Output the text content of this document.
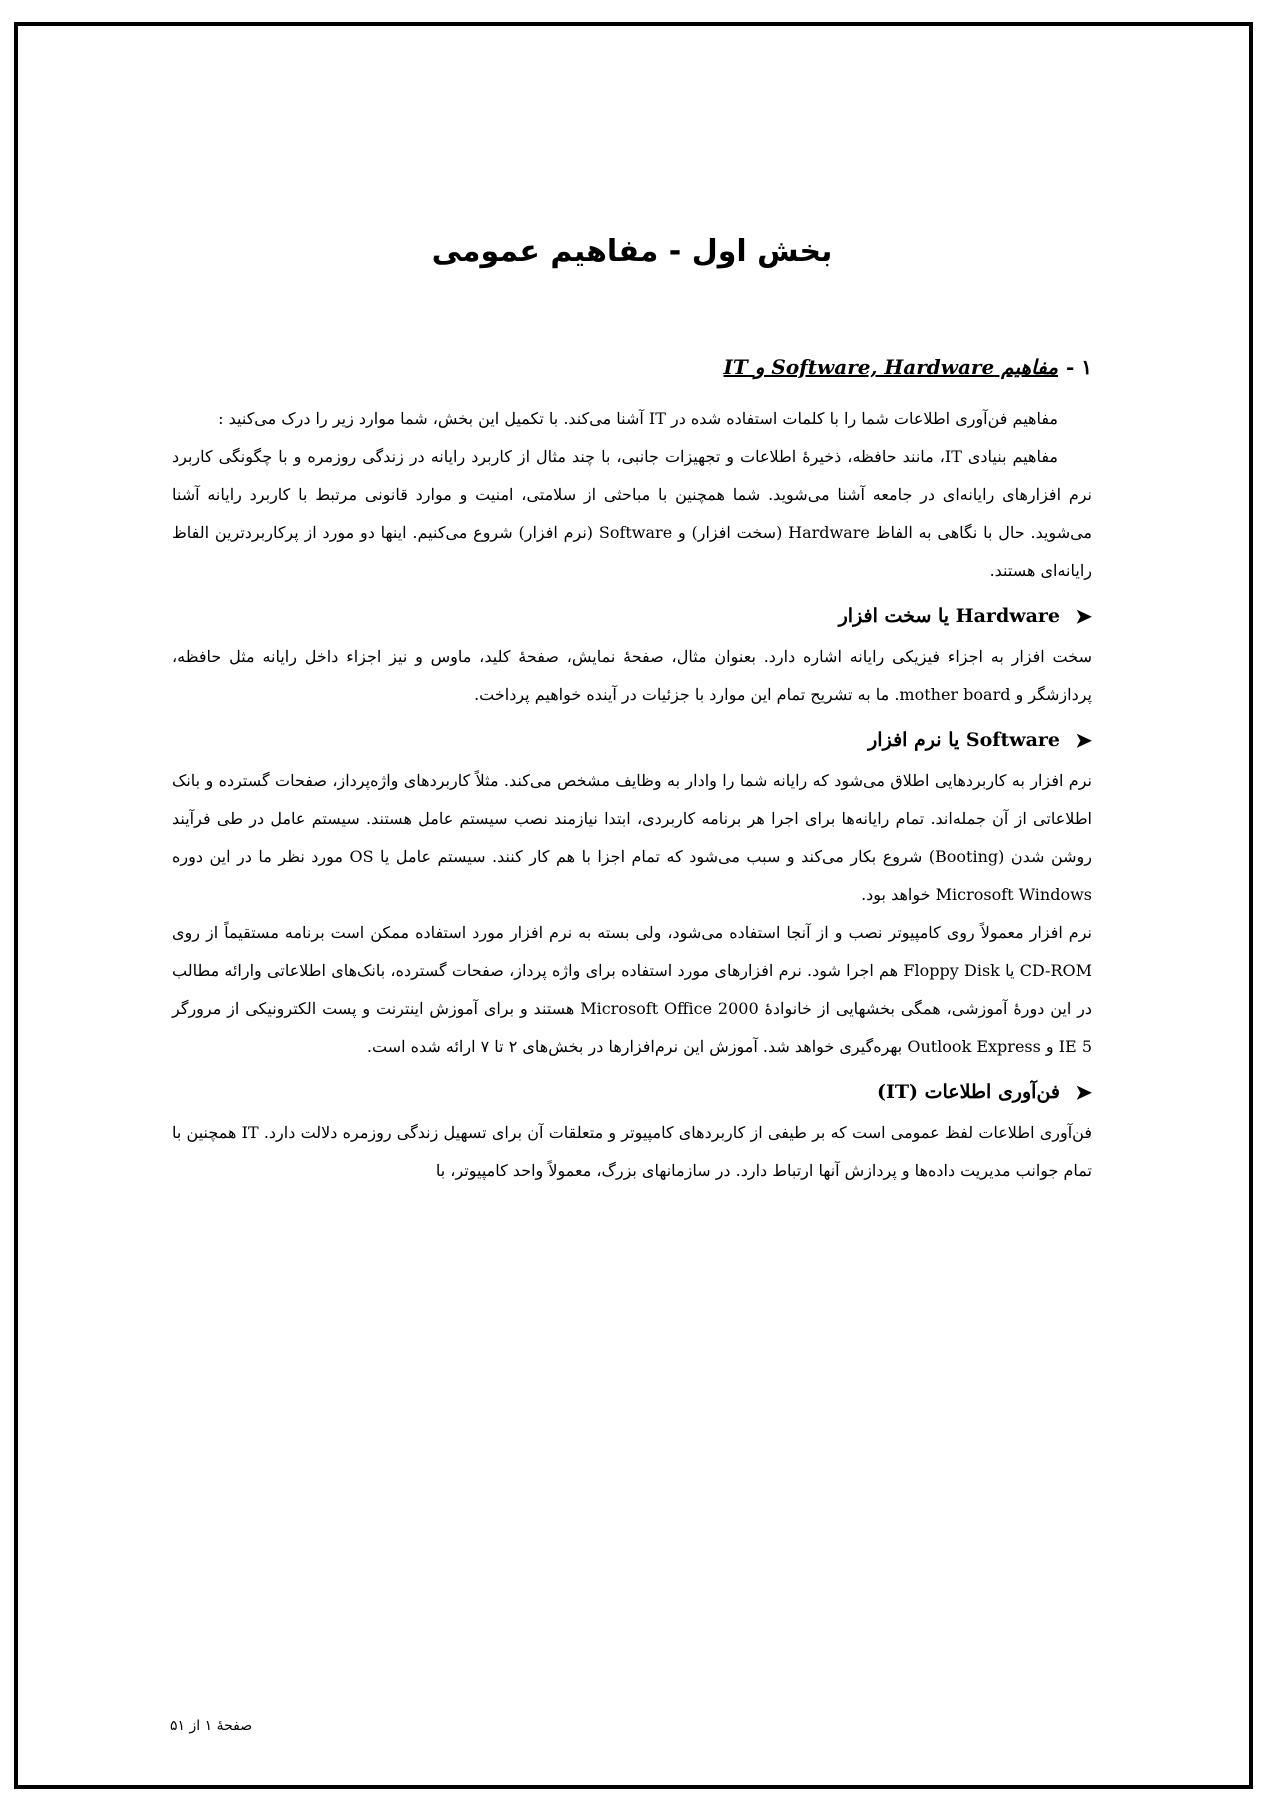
بخش اول - مفاهیم عمومی
۱ -مفاهیم Software, Hardware و IT

مفاهیم فن‌آوری اطلاعات شما را با کلمات استفاده شده در IT آشنا می‌کند. با تکمیل این بخش، شما موارد زیر را درک می‌کنید :

مفاهیم بنیادی IT، مانند حافظه، ذخیرهٔ اطلاعات و تجهیزات جانبی، با چند مثال از کاربرد رایانه در زندگی روزمره و با چگونگی کاربرد نرم افزارهای رایانه‌ای در جامعه آشنا می‌شوید. شما همچنین با مباحثی از سلامتی، امنیت و موارد قانونی مرتبط با کاربرد رایانه آشنا می‌شوید. حال با نگاهی به الفاظ Hardware (سخت افزار) و Software (نرم افزار) شروع می‌کنیم. اینها دو مورد از پرکاربردترین الفاظ رایانه‌ای هستند.

➤
Hardware یا سخت افزار

سخت افزار به اجزاء فیزیکی رایانه اشاره دارد. بعنوان مثال، صفحهٔ نمایش، صفحهٔ کلید، ماوس و نیز اجزاء داخل رایانه مثل حافظه، پردازشگر و mother board. ما به تشریح تمام این موارد با جزئیات در آینده خواهیم پرداخت.

➤
Software یا نرم افزار

نرم افزار به کاربردهایی اطلاق می‌شود که رایانه شما را وادار به وظایف مشخص می‌کند. مثلاً کاربردهای واژه‌پرداز، صفحات گسترده و بانک اطلاعاتی از آن جمله‌اند. تمام رایانه‌ها برای اجرا هر برنامه کاربردی، ابتدا نیازمند نصب سیستم عامل هستند. سیستم عامل در طی فرآیند روشن شدن (Booting) شروع بکار می‌کند و سبب می‌شود که تمام اجزا با هم کار کنند. سیستم عامل یا OS مورد نظر ما در این دوره Microsoft Windows خواهد بود.

نرم افزار معمولاً روی کامپیوتر نصب و از آنجا استفاده می‌شود، ولی بسته به نرم افزار مورد استفاده ممکن است برنامه مستقیماً از روی CD-ROM یا Floppy Disk هم اجرا شود. نرم افزارهای مورد استفاده برای واژه پرداز، صفحات گسترده، بانک‌های اطلاعاتی وارائه مطالب در این دورهٔ آموزشی، همگی بخشهایی از خانوادهٔ Microsoft Office 2000 هستند و برای آموزش اینترنت و پست الکترونیکی از مرورگر IE 5 و Outlook Express بهره‌گیری خواهد شد. آموزش این نرم‌افزارها در بخش‌های ۲ تا ۷ ارائه شده است.

➤
فن‌آوری اطلاعات (IT)

فن‌آوری اطلاعات لفظ عمومی است که بر طیفی از کاربردهای کامپیوتر و متعلقات آن برای تسهیل زندگی روزمره دلالت دارد. IT همچنین با تمام جوانب مدیریت داده‌ها و پردازش آنها ارتباط دارد. در سازمانهای بزرگ، معمولاً واحد کامپیوتر، با

صفحهٔ ۱ از ۵۱
